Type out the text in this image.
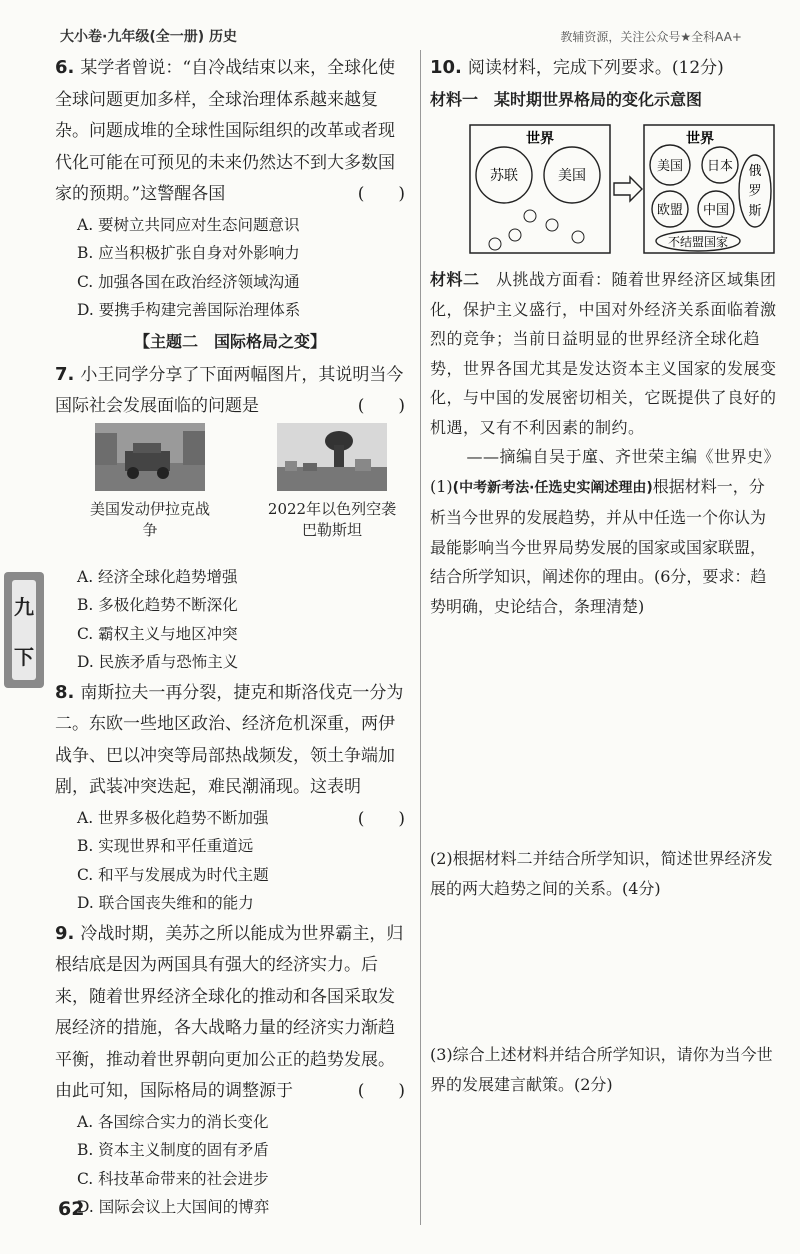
大小卷·九年级(全一册) 历史	教辅资源，关注公众号★全科AA+
九
下

6. 某学者曾说：“自冷战结束以来，全球化使全球问题更加多样，全球治理体系越来越复杂。问题成堆的全球性国际组织的改革或者现代化可能在可预见的未来仍然达不到大多数国家的预期。”这警醒各国	(　　)

A. 要树立共同应对生态问题意识

B. 应当积极扩张自身对外影响力

C. 加强各国在政治经济领域沟通

D. 要携手构建完善国际治理体系

【主题二　国际格局之变】

7. 小王同学分享了下面两幅图片，其说明当今国际社会发展面临的问题是	(　　)

美国发动伊拉克战争
2022年以色列空袭巴勒斯坦

A. 经济全球化趋势增强

B. 多极化趋势不断深化

C. 霸权主义与地区冲突

D. 民族矛盾与恐怖主义

8. 南斯拉夫一再分裂，捷克和斯洛伐克一分为二。东欧一些地区政治、经济危机深重，两伊战争、巴以冲突等局部热战频发，领土争端加剧，武装冲突迭起，难民潮涌现。这表明
(　　)

A. 世界多极化趋势不断加强

B. 实现世界和平任重道远

C. 和平与发展成为时代主题

D. 联合国丧失维和的能力

9. 冷战时期，美苏之所以能成为世界霸主，归根结底是因为两国具有强大的经济实力。后来，随着世界经济全球化的推动和各国采取发展经济的措施，各大战略力量的经济实力渐趋平衡，推动着世界朝向更加公正的趋势发展。由此可知，国际格局的调整源于	(　　)

A. 各国综合实力的消长变化

B. 资本主义制度的固有矛盾

C. 科技革命带来的社会进步

D. 国际会议上大国间的博弈

62

10. 阅读材料，完成下列要求。(12分)

材料一　某时期世界格局的变化示意图
世界
苏联	美国
世界
美国 日本 俄
罗
斯
欧盟 中国
不结盟国家
材料二　 从挑战方面看：随着世界经济区域集团化，保护主义盛行，中国对外经济关系面临着激烈的竞争；当前日益明显的世界经济全球化趋势，世界各国尤其是发达资本主义国家的发展变化，与中国的发展密切相关，它既提供了良好的机遇，又有不利因素的制约。
——摘编自吴于廑、齐世荣主编《世界史》
(1)(中考新考法·任选史实阐述理由)根据材料一，分析当今世界的发展趋势，并从中任选一个你认为最能影响当今世界局势发展的国家或国家联盟，结合所学知识，阐述你的理由。(6分，要求：趋势明确，史论结合，条理清楚)
(2)根据材料二并结合所学知识，简述世界经济发展的两大趋势之间的关系。(4分)
(3)综合上述材料并结合所学知识，请你为当今世界的发展建言献策。(2分)
